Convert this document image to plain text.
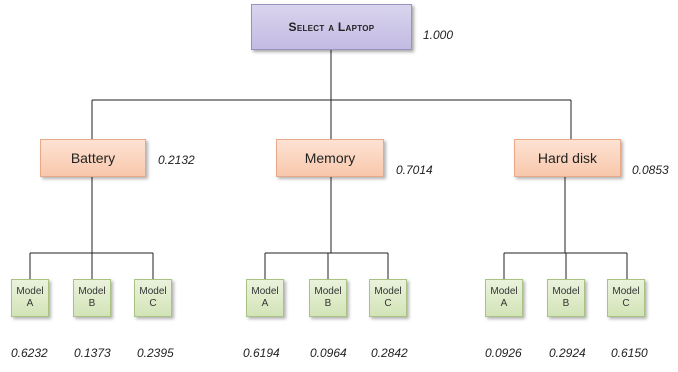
Select a Laptop
1.000
Battery	0.2132	Memory
0.7014
Hard disk
0.0853
Model
A
Model
B
Model
C
0.6232 0.1373 0.2395
Model
A
Model
B
Model
C
0.6194	0.0964 0.2842
Model
A
Model
B
Model
C
0.0926 0.2924 0.6150
